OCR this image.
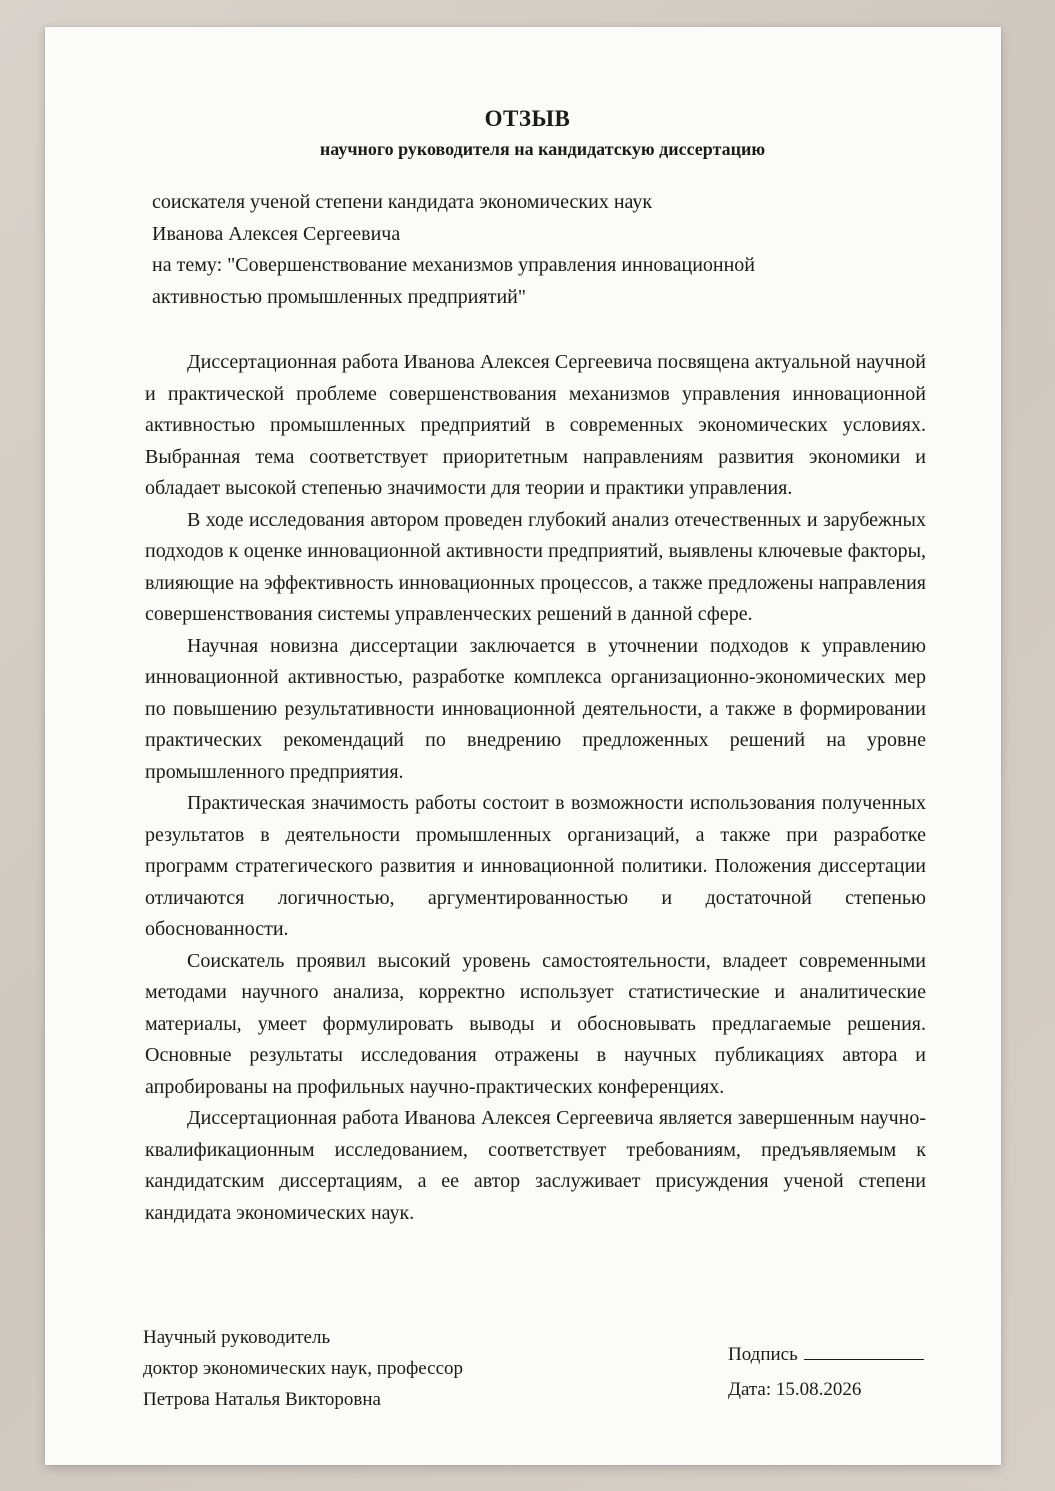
ОТЗЫВ
научного руководителя на кандидатскую диссертацию
соискателя ученой степени кандидата экономических наук
Иванова Алексея Сергеевича
на тему: "Совершенствование механизмов управления инновационной
активностью промышленных предприятий"

Диссертационная работа Иванова Алексея Сергеевича посвящена актуальной научной и практической проблеме совершенствования механизмов управления инновационной активностью промышленных предприятий в современных экономических условиях. Выбранная тема соответствует приоритетным направлениям развития экономики и обладает высокой степенью значимости для теории и практики управления.

В ходе исследования автором проведен глубокий анализ отечественных и зарубежных подходов к оценке инновационной активности предприятий, выявлены ключевые факторы, влияющие на эффективность инновационных процессов, а также предложены направления совершенствования системы управленческих решений в данной сфере.

Научная новизна диссертации заключается в уточнении подходов к управлению инновационной активностью, разработке комплекса организационно-экономических мер по повышению результативности инновационной деятельности, а также в формировании практических рекомендаций по внедрению предложенных решений на уровне промышленного предприятия.

Практическая значимость работы состоит в возможности использования полученных результатов в деятельности промышленных организаций, а также при разработке программ стратегического развития и инновационной политики. Положения диссертации отличаются логичностью, аргументированностью и достаточной степенью обоснованности.

Соискатель проявил высокий уровень самостоятельности, владеет современными методами научного анализа, корректно использует статистические и аналитические материалы, умеет формулировать выводы и обосновывать предлагаемые решения. Основные результаты исследования отражены в научных публикациях автора и апробированы на профильных научно-практических конференциях.

Диссертационная работа Иванова Алексея Сергеевича является завершенным научно-квалификационным исследованием, соответствует требованиям, предъявляемым к кандидатским диссертациям, а ее автор заслуживает присуждения ученой степени кандидата экономических наук.

Научный руководитель
доктор экономических наук, профессор
Петрова Наталья Викторовна
Подпись
Дата: 15.08.2026
